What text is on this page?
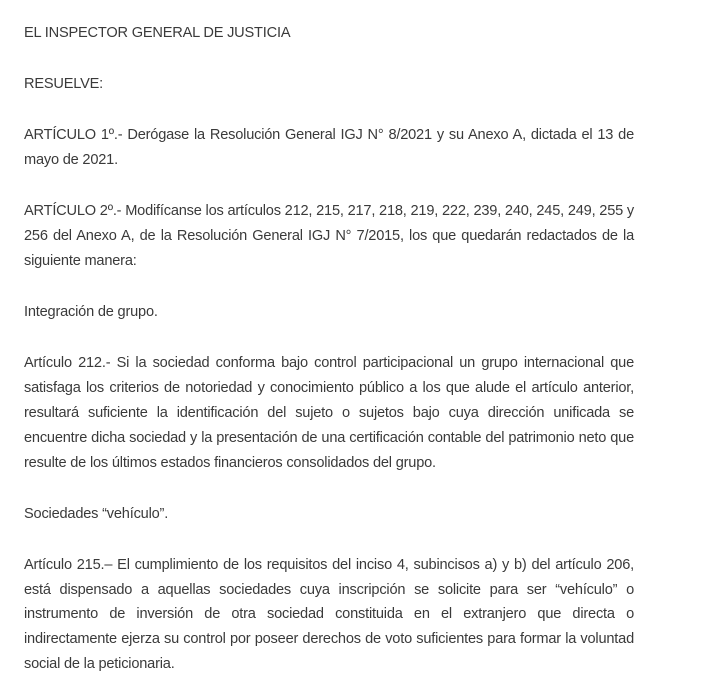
EL INSPECTOR GENERAL DE JUSTICIA

RESUELVE:

ARTÍCULO 1º.- Derógase la Resolución General IGJ N° 8/2021 y su Anexo A, dictada el 13 de mayo de 2021.

ARTÍCULO 2º.- Modifícanse los artículos 212, 215, 217, 218, 219, 222, 239, 240, 245, 249, 255 y 256 del Anexo A, de la Resolución General IGJ N° 7/2015, los que quedarán redactados de la siguiente manera:

Integración de grupo.

Artículo 212.- Si la sociedad conforma bajo control participacional un grupo internacional que satisfaga los criterios de notoriedad y conocimiento público a los que alude el artículo anterior, resultará suficiente la identificación del sujeto o sujetos bajo cuya dirección unificada se encuentre dicha sociedad y la presentación de una certificación contable del patrimonio neto que resulte de los últimos estados financieros consolidados del grupo.

Sociedades “vehículo”.

Artículo 215.– El cumplimiento de los requisitos del inciso 4, subincisos a) y b) del artículo 206, está dispensado a aquellas sociedades cuya inscripción se solicite para ser “vehículo” o instrumento de inversión de otra sociedad constituida en el extranjero que directa o indirectamente ejerza su control por poseer derechos de voto suficientes para formar la voluntad social de la peticionaria.
